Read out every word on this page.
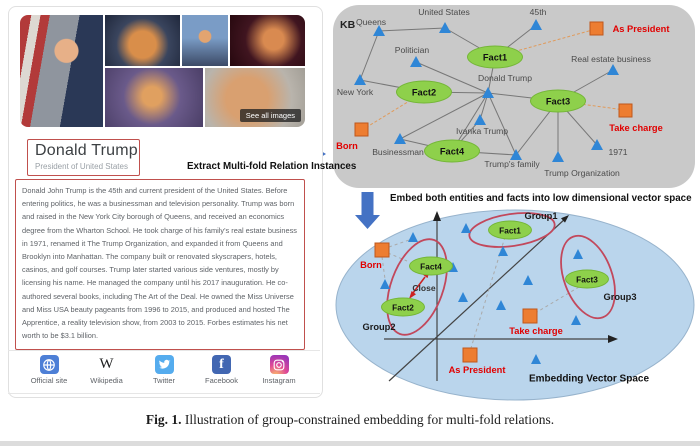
See all images
Donald Trump
President of United States
Donald John Trump is the 45th and current president of the United States. Before entering politics, he was a businessman and television personality. Trump was born and raised in the New York City borough of Queens, and received an economics degree from the Wharton School. He took charge of his family's real estate business in 1971, renamed it The Trump Organization, and expanded it from Queens and Brooklyn into Manhattan. The company built or renovated skyscrapers, hotels, casinos, and golf courses. Trump later started various side ventures, mostly by licensing his name. He managed the company until his 2017 inauguration. He co-authored several books, including The Art of the Deal. He owned the Miss Universe and Miss USA beauty pageants from 1996 to 2015, and produced and hosted The Apprentice, a reality television show, from 2003 to 2015. Forbes estimates his net worth to be $3.1 billion.
Official site
W
Wikipedia	Twitter
f
Facebook	Instagram
Extract Multi-fold Relation Instances
Embed both entities and facts into low dimensional vector space
KB Queens
United States	45th
As President
Politician
Real estate business
Donald Trump
New York
Born
Businessman
Ivanka Trump
Trump's family
Trump Organization
1971
Take charge
Fact1
Fact2
Fact3
Fact4
Group1
Group2
Group3
Fact1
Fact4
Fact2
Fact3
Born
Take charge
As President
Close
Embedding Vector Space
Fig. 1. Illustration of group-constrained embedding for multi-fold relations.
